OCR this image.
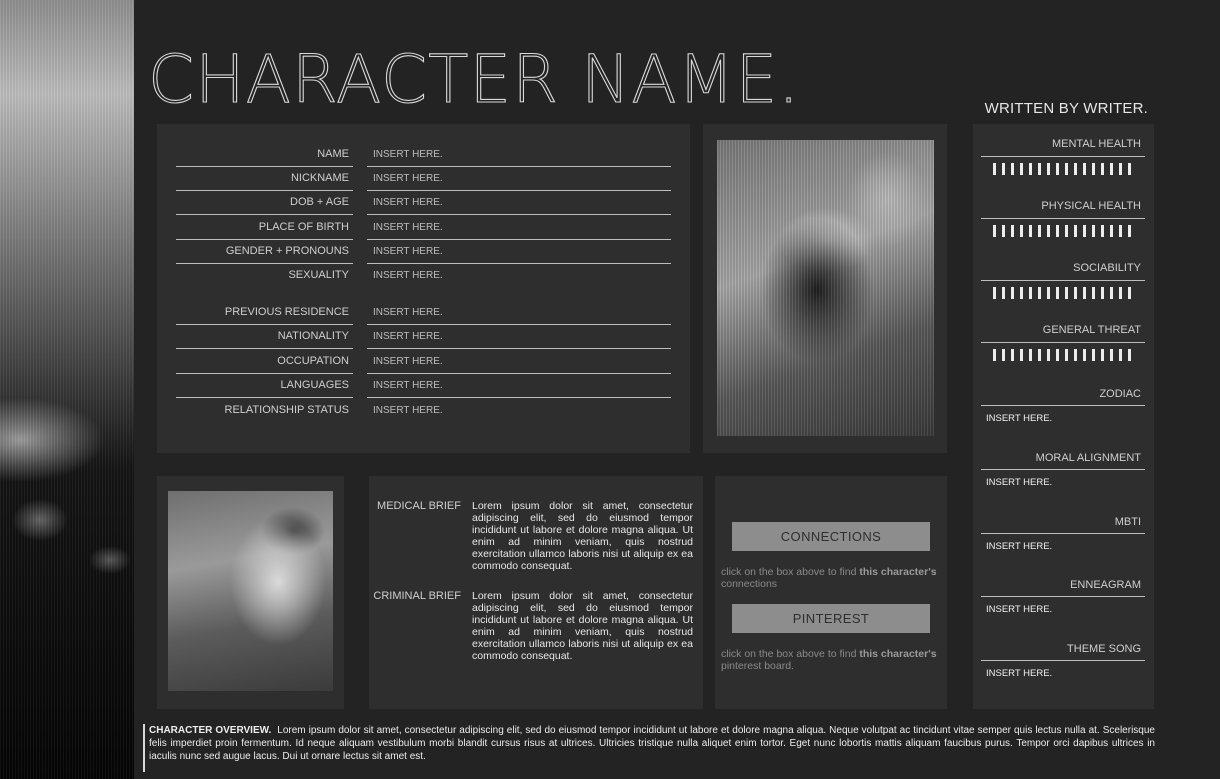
CHARACTER NAME.	WRITTEN BY WRITER.
NAME INSERT HERE.
NICKNAME INSERT HERE.
DOB + AGE INSERT HERE.
PLACE OF BIRTH INSERT HERE.
GENDER + PRONOUNS INSERT HERE.
SEXUALITY INSERT HERE.
PREVIOUS RESIDENCE INSERT HERE.
NATIONALITY INSERT HERE.
OCCUPATION INSERT HERE.
LANGUAGES INSERT HERE.
RELATIONSHIP STATUS INSERT HERE.
MENTAL HEALTH
PHYSICAL HEALTH
SOCIABILITY
GENERAL THREAT
ZODIAC
INSERT HERE.
MORAL ALIGNMENT
INSERT HERE.
MBTI
INSERT HERE.
ENNEAGRAM
INSERT HERE.
THEME SONG
INSERT HERE.
MEDICAL BRIEF Lorem ipsum dolor sit amet, consectetur adipiscing elit, sed do eiusmod tempor incididunt ut labore et dolore magna aliqua. Ut enim ad minim veniam, quis nostrud exercitation ullamco laboris nisi ut aliquip ex ea commodo consequat.
CRIMINAL BRIEF Lorem ipsum dolor sit amet, consectetur adipiscing elit, sed do eiusmod tempor incididunt ut labore et dolore magna aliqua. Ut enim ad minim veniam, quis nostrud exercitation ullamco laboris nisi ut aliquip ex ea commodo consequat.
CONNECTIONS
click on the box above to find this character's connections
PINTEREST
click on the box above to find this character's pinterest board.
CHARACTER OVERVIEW. Lorem ipsum dolor sit amet, consectetur adipiscing elit, sed do eiusmod tempor incididunt ut labore et dolore magna aliqua. Neque volutpat ac tincidunt vitae semper quis lectus nulla at. Scelerisque felis imperdiet proin fermentum. Id neque aliquam vestibulum morbi blandit cursus risus at ultrices. Ultricies tristique nulla aliquet enim tortor. Eget nunc lobortis mattis aliquam faucibus purus. Tempor orci dapibus ultrices in iaculis nunc sed augue lacus. Dui ut ornare lectus sit amet est.
